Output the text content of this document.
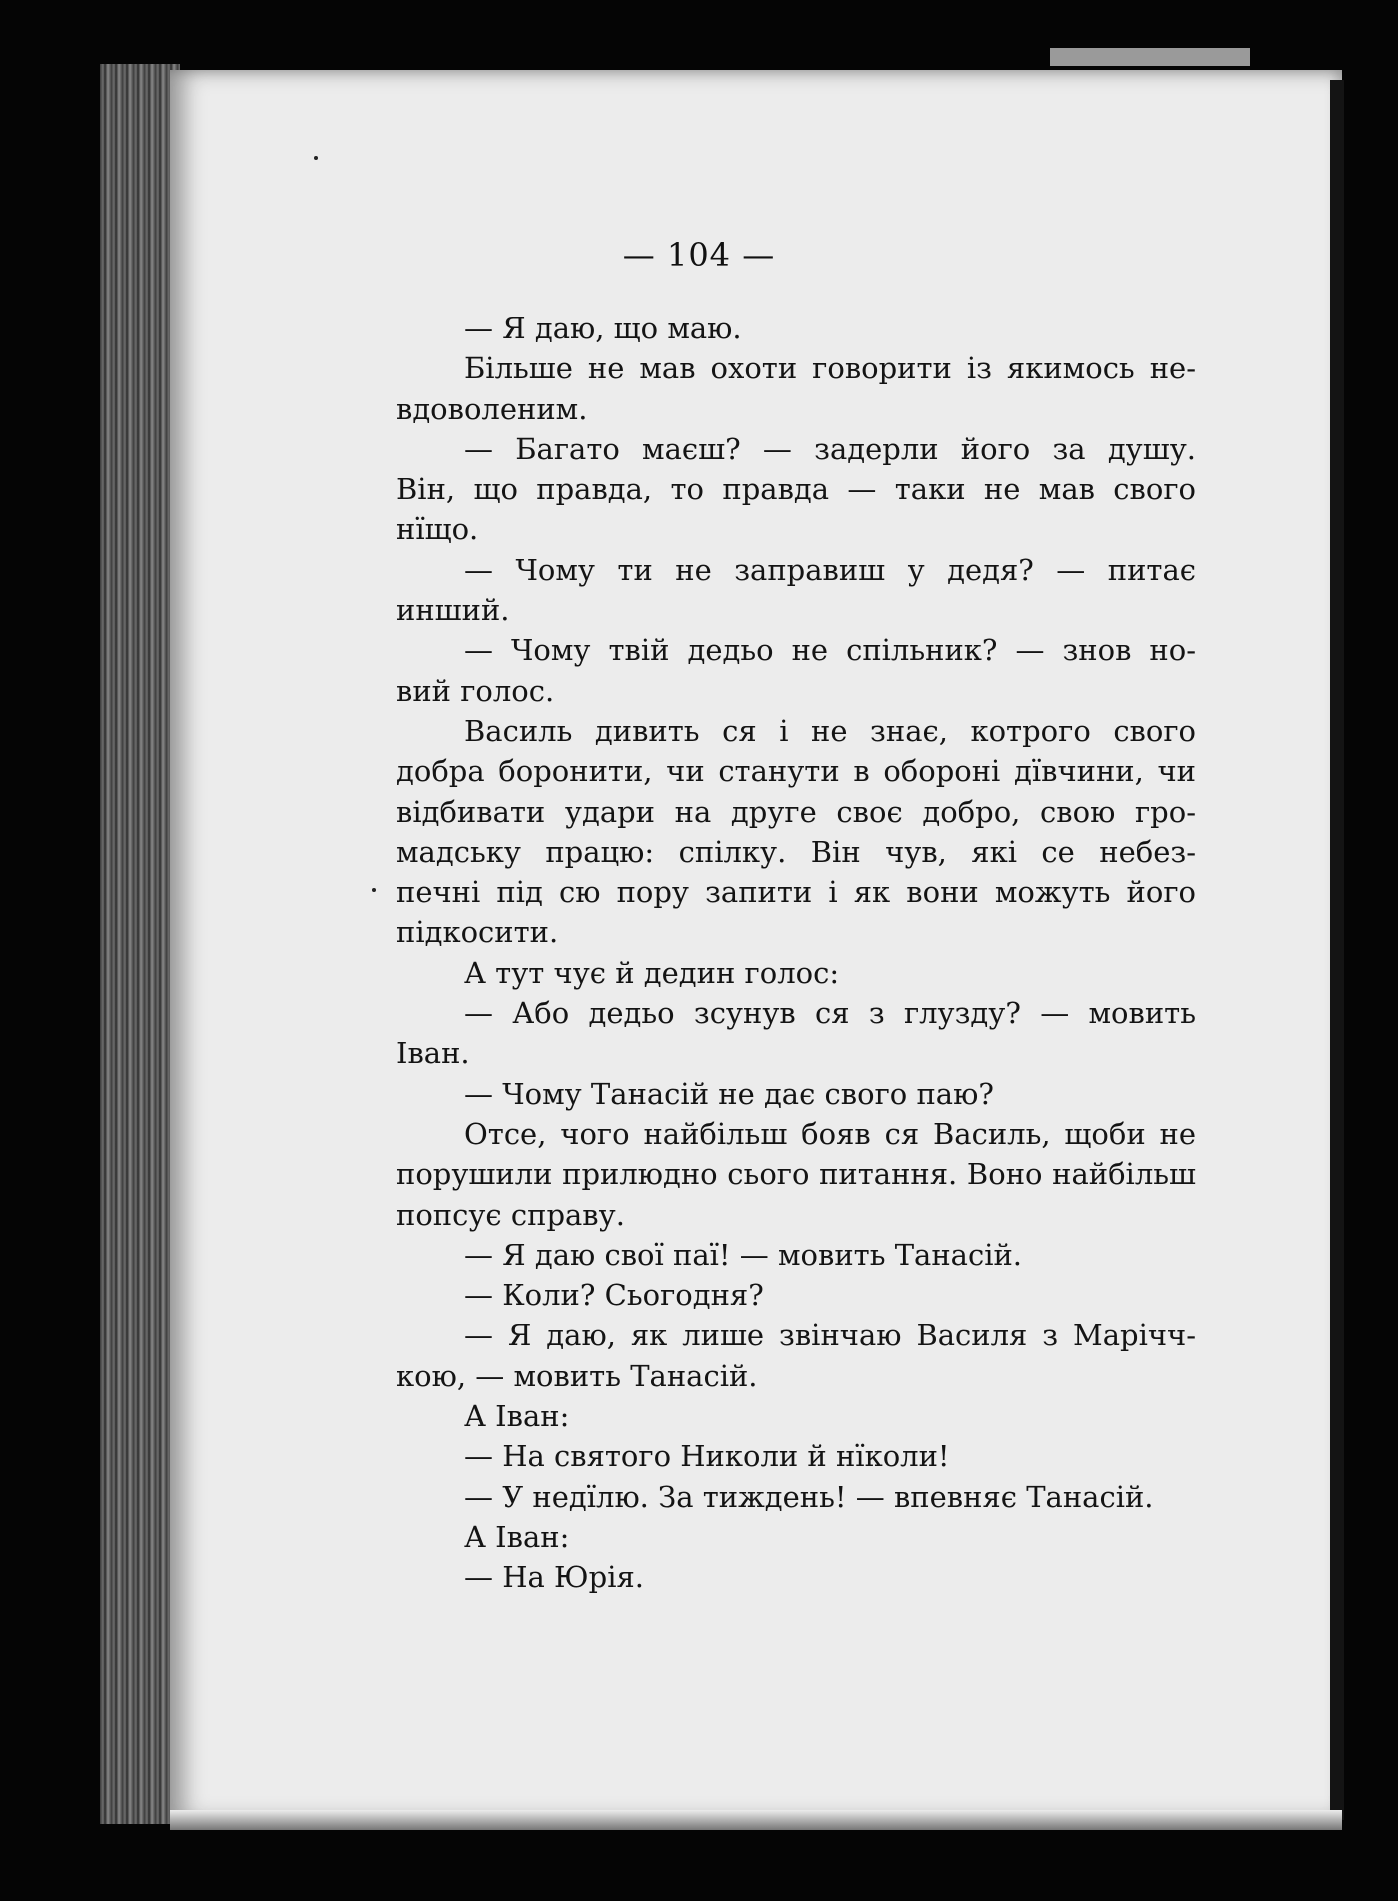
— 104 —
— Я даю, що маю.
Більше не мав охоти говорити із якимось не-
вдоволеним.
— Багато маєш? — задерли його за душу.
Він, що правда, то правда — таки не мав свого
нїщо.
— Чому ти не заправиш у дедя? — питає
инший.
— Чому твій дедьо не спільник? — знов но-
вий голос.
Василь дивить ся і не знає, котрого свого
добра боронити, чи станути в обороні дївчини, чи
відбивати удари на друге своє добро, свою гро-
мадську працю: спілку. Він чув, які се небез-
печні під сю пору запити і як вони можуть його
підкосити.
А тут чує й дедин голос:
— Або дедьо зсунув ся з глузду? — мовить
Іван.
— Чому Танасій не дає свого паю?
Отсе, чого найбільш бояв ся Василь, щоби не
порушили прилюдно сього питання. Воно найбільш
попсує справу.
— Я даю свої паї! — мовить Танасій.
— Коли? Сьогодня?
— Я даю, як лише звінчаю Василя з Марічч-
кою, — мовить Танасій.
А Іван:
— На святого Николи й нїколи!
— У недїлю. За тиждень! — впевняє Танасій.
А Іван:
— На Юрія.
